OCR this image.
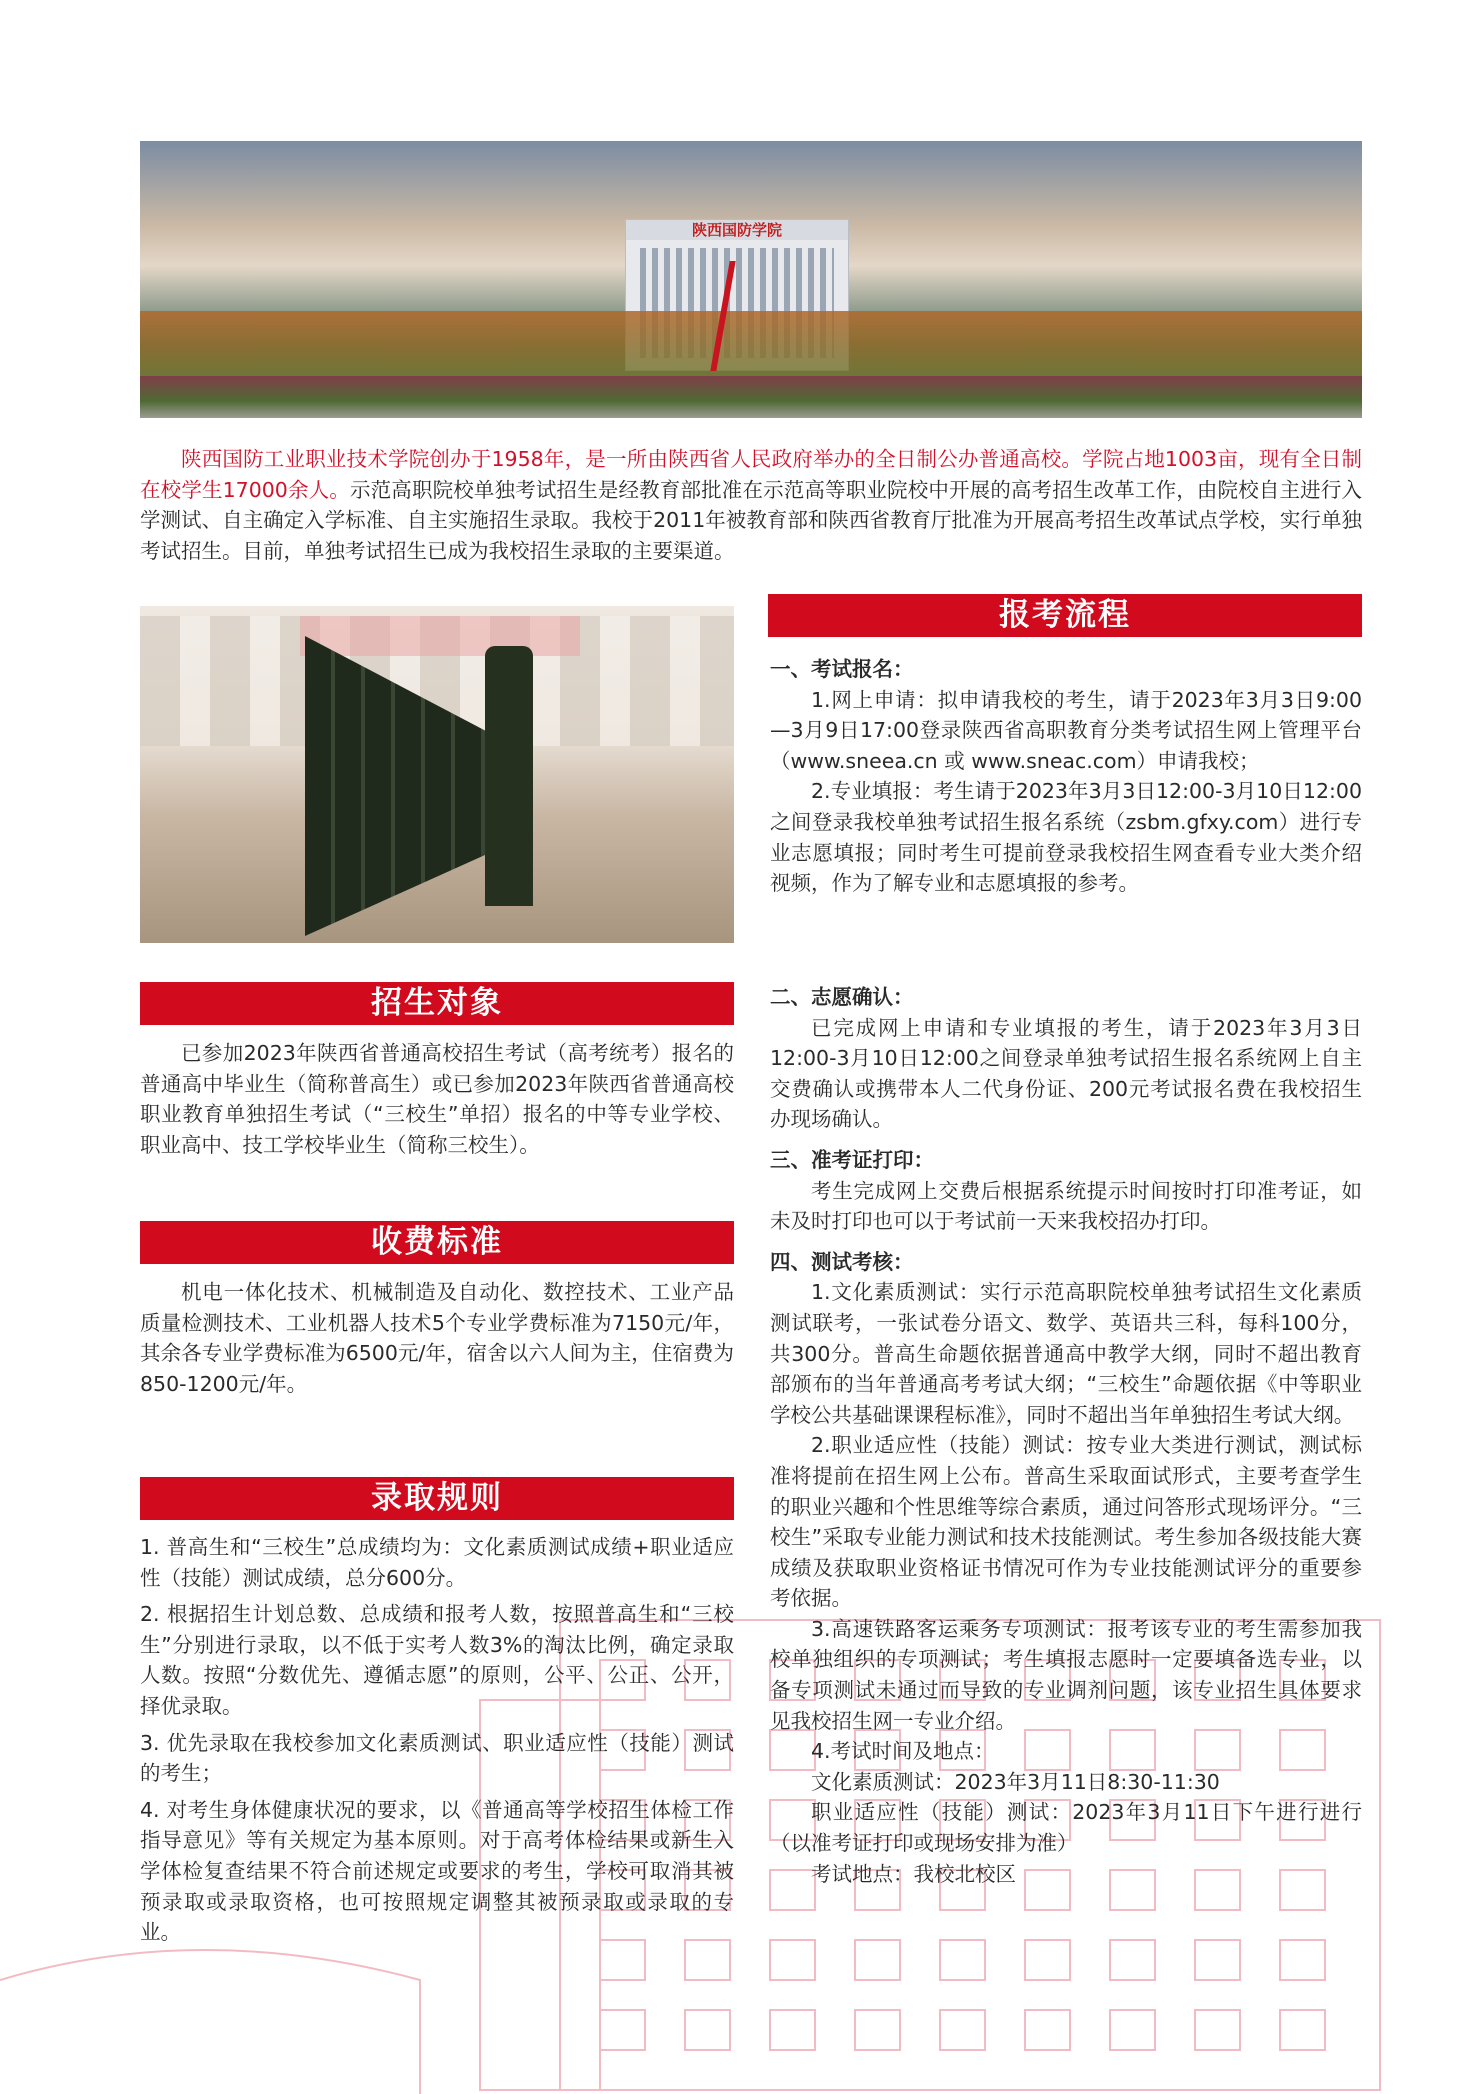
陕西国防学院

陕西国防工业职业技术学院创办于1958年，是一所由陕西省人民政府举办的全日制公办普通高校。学院占地1003亩，现有全日制在校学生17000余人。示范高职院校单独考试招生是经教育部批准在示范高等职业院校中开展的高考招生改革工作，由院校自主进行入学测试、自主确定入学标准、自主实施招生录取。我校于2011年被教育部和陕西省教育厅批准为开展高考招生改革试点学校，实行单独考试招生。目前，单独考试招生已成为我校招生录取的主要渠道。

报考流程

一、考试报名：

1.网上申请：拟申请我校的考生，请于2023年3月3日9:00—3月9日17:00登录陕西省高职教育分类考试招生网上管理平台（www.sneea.cn 或 www.sneac.com）申请我校；

2.专业填报：考生请于2023年3月3日12:00-3月10日12:00之间登录我校单独考试招生报名系统（zsbm.gfxy.com）进行专业志愿填报；同时考生可提前登录我校招生网查看专业大类介绍视频，作为了解专业和志愿填报的参考。

二、志愿确认：

已完成网上申请和专业填报的考生，请于2023年3月3日12:00-3月10日12:00之间登录单独考试招生报名系统网上自主交费确认或携带本人二代身份证、200元考试报名费在我校招生办现场确认。

三、准考证打印：

考生完成网上交费后根据系统提示时间按时打印准考证，如未及时打印也可以于考试前一天来我校招办打印。

四、测试考核：

1.文化素质测试：实行示范高职院校单独考试招生文化素质测试联考，一张试卷分语文、数学、英语共三科，每科100分，共300分。普高生命题依据普通高中教学大纲，同时不超出教育部颁布的当年普通高考考试大纲；“三校生”命题依据《中等职业学校公共基础课课程标准》，同时不超出当年单独招生考试大纲。

2.职业适应性（技能）测试：按专业大类进行测试，测试标准将提前在招生网上公布。普高生采取面试形式，主要考查学生的职业兴趣和个性思维等综合素质，通过问答形式现场评分。“三校生”采取专业能力测试和技术技能测试。考生参加各级技能大赛成绩及获取职业资格证书情况可作为专业技能测试评分的重要参考依据。

3.高速铁路客运乘务专项测试：报考该专业的考生需参加我校单独组织的专项测试；考生填报志愿时一定要填备选专业，以备专项测试未通过而导致的专业调剂问题，该专业招生具体要求见我校招生网一专业介绍。

4.考试时间及地点：

文化素质测试：2023年3月11日8:30-11:30

职业适应性（技能）测试：2023年3月11日下午进行进行（以准考证打印或现场安排为准）

考试地点：我校北校区

招生对象

已参加2023年陕西省普通高校招生考试（高考统考）报名的普通高中毕业生（简称普高生）或已参加2023年陕西省普通高校职业教育单独招生考试（“三校生”单招）报名的中等专业学校、职业高中、技工学校毕业生（简称三校生）。

收费标准

机电一体化技术、机械制造及自动化、数控技术、工业产品质量检测技术、工业机器人技术5个专业学费标准为7150元/年，其余各专业学费标准为6500元/年，宿舍以六人间为主，住宿费为850-1200元/年。

录取规则

1. 普高生和“三校生”总成绩均为：文化素质测试成绩+职业适应性（技能）测试成绩，总分600分。

2. 根据招生计划总数、总成绩和报考人数，按照普高生和“三校生”分别进行录取，以不低于实考人数3%的淘汰比例，确定录取人数。按照“分数优先、遵循志愿”的原则，公平、公正、公开，择优录取。

3. 优先录取在我校参加文化素质测试、职业适应性（技能）测试的考生；

4. 对考生身体健康状况的要求，以《普通高等学校招生体检工作指导意见》等有关规定为基本原则。对于高考体检结果或新生入学体检复查结果不符合前述规定或要求的考生，学校可取消其被预录取或录取资格，也可按照规定调整其被预录取或录取的专业。
